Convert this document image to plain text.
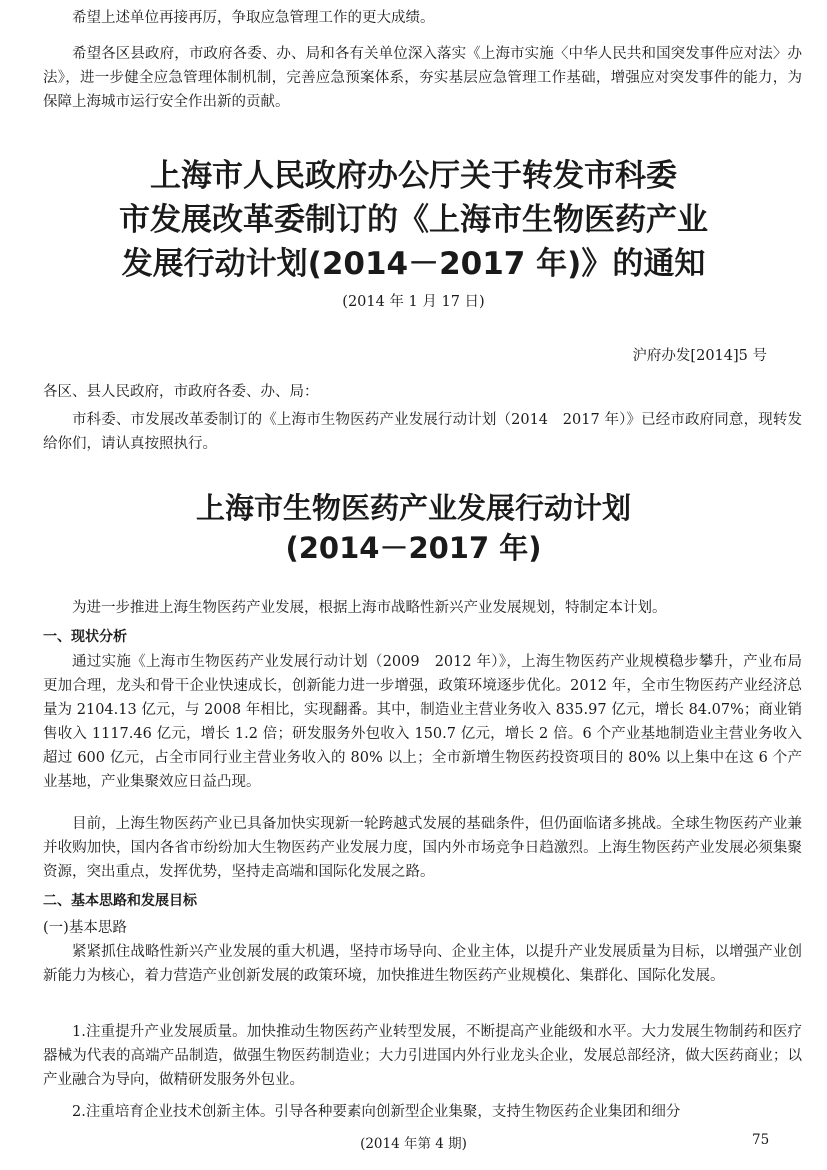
希望上述单位再接再厉，争取应急管理工作的更大成绩。

希望各区县政府，市政府各委、办、局和各有关单位深入落实《上海市实施〈中华人民共和国突发事件应对法〉办法》，进一步健全应急管理体制机制，完善应急预案体系，夯实基层应急管理工作基础，增强应对突发事件的能力，为保障上海城市运行安全作出新的贡献。

上海市人民政府办公厅关于转发市科委

市发展改革委制订的《上海市生物医药产业

发展行动计划(2014－2017 年)》的通知

(2014 年 1 月 17 日)
沪府办发[2014]5 号

各区、县人民政府，市政府各委、办、局：

市科委、市发展改革委制订的《上海市生物医药产业发展行动计划（2014　2017 年）》已经市政府同意，现转发给你们，请认真按照执行。

上海市生物医药产业发展行动计划

(2014－2017 年)

为进一步推进上海生物医药产业发展，根据上海市战略性新兴产业发展规划，特制定本计划。

一、现状分析

通过实施《上海市生物医药产业发展行动计划（2009　2012 年）》，上海生物医药产业规模稳步攀升，产业布局更加合理，龙头和骨干企业快速成长，创新能力进一步增强，政策环境逐步优化。2012 年，全市生物医药产业经济总量为 2104.13 亿元，与 2008 年相比，实现翻番。其中，制造业主营业务收入 835.97 亿元，增长 84.07%；商业销售收入 1117.46 亿元，增长 1.2 倍；研发服务外包收入 150.7 亿元，增长 2 倍。6 个产业基地制造业主营业务收入超过 600 亿元，占全市同行业主营业务收入的 80% 以上；全市新增生物医药投资项目的 80% 以上集中在这 6 个产业基地，产业集聚效应日益凸现。

目前，上海生物医药产业已具备加快实现新一轮跨越式发展的基础条件，但仍面临诸多挑战。全球生物医药产业兼并收购加快，国内各省市纷纷加大生物医药产业发展力度，国内外市场竞争日趋激烈。上海生物医药产业发展必须集聚资源，突出重点，发挥优势，坚持走高端和国际化发展之路。

二、基本思路和发展目标
(一)基本思路

紧紧抓住战略性新兴产业发展的重大机遇，坚持市场导向、企业主体，以提升产业发展质量为目标，以增强产业创新能力为核心，着力营造产业创新发展的政策环境，加快推进生物医药产业规模化、集群化、国际化发展。

1.注重提升产业发展质量。加快推动生物医药产业转型发展，不断提高产业能级和水平。大力发展生物制药和医疗器械为代表的高端产品制造，做强生物医药制造业；大力引进国内外行业龙头企业，发展总部经济，做大医药商业；以产业融合为导向，做精研发服务外包业。

2.注重培育企业技术创新主体。引导各种要素向创新型企业集聚，支持生物医药企业集团和细分

(2014 年第 4 期)	75
